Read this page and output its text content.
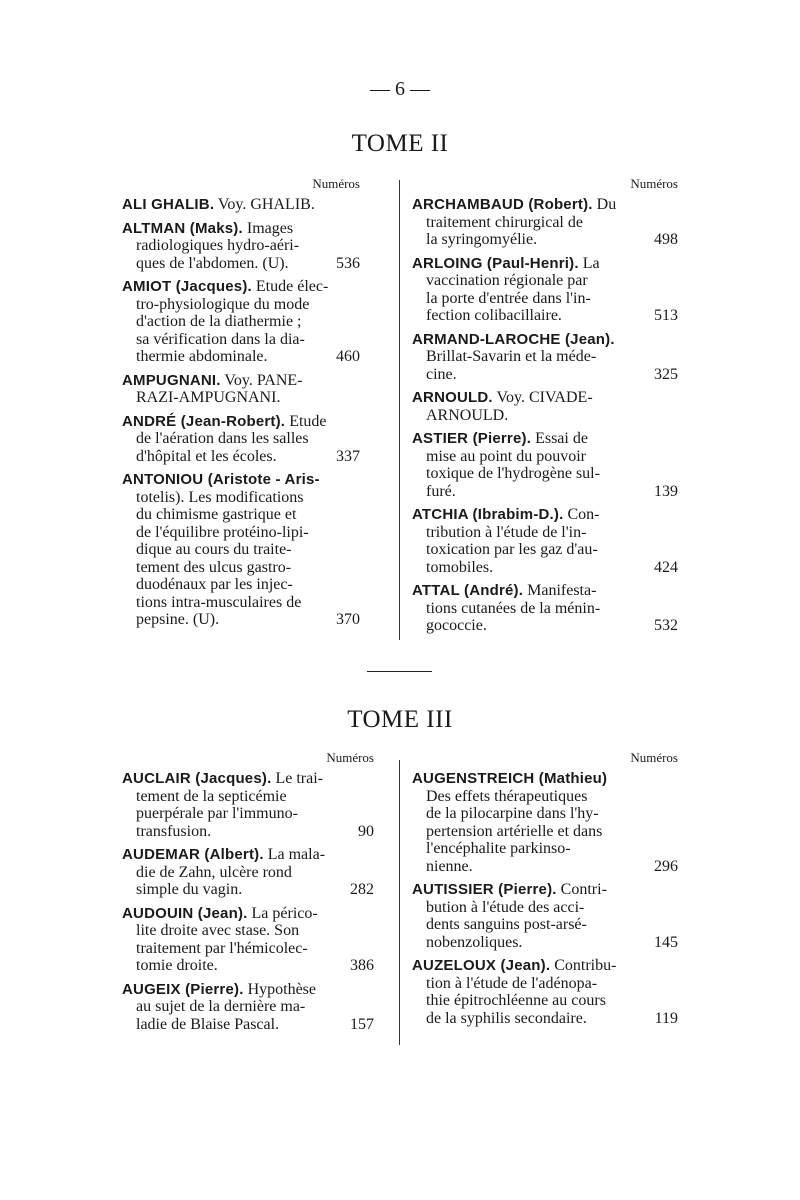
— 6 —
TOME II
Numéros
ALI GHALIB. Voy. GHALIB.
ALTMAN (Maks). Images
radiologiques hydro-aéri-
ques de l'abdomen. (U).	536
AMIOT (Jacques). Etude élec-
tro-physiologique du mode
d'action de la diathermie ;
sa vérification dans la dia-
thermie abdominale.	460
AMPUGNANI. Voy. PANE-
RAZI-AMPUGNANI.
ANDRÉ (Jean-Robert). Etude
de l'aération dans les salles
d'hôpital et les écoles.	337
ANTONIOU (Aristote - Aris-
totelis). Les modifications
du chimisme gastrique et
de l'équilibre protéino-lipi-
dique au cours du traite-
tement des ulcus gastro-
duodénaux par les injec-
tions intra-musculaires de
pepsine. (U).	370
Numéros
ARCHAMBAUD (Robert). Du
traitement chirurgical de
la syringomyélie.	498
ARLOING (Paul-Henri). La
vaccination régionale par
la porte d'entrée dans l'in-
fection colibacillaire.	513
ARMAND-LAROCHE (Jean).
Brillat-Savarin et la méde-
cine.	325
ARNOULD. Voy. CIVADE-
ARNOULD.
ASTIER (Pierre). Essai de
mise au point du pouvoir
toxique de l'hydrogène sul-
furé.	139
ATCHIA (Ibrabim-D.). Con-
tribution à l'étude de l'in-
toxication par les gaz d'au-
tomobiles.	424
ATTAL (André). Manifesta-
tions cutanées de la ménin-
gococcie.	532
TOME III
Numéros
AUCLAIR (Jacques). Le trai-
tement de la septicémie
puerpérale par l'immuno-
transfusion.	90
AUDEMAR (Albert). La mala-
die de Zahn, ulcère rond
simple du vagin.	282
AUDOUIN (Jean). La périco-
lite droite avec stase. Son
traitement par l'hémicolec-
tomie droite.	386
AUGEIX (Pierre). Hypothèse
au sujet de la dernière ma-
ladie de Blaise Pascal.	157
Numéros
AUGENSTREICH (Mathieu)
Des effets thérapeutiques
de la pilocarpine dans l'hy-
pertension artérielle et dans
l'encéphalite parkinso-
nienne.	296
AUTISSIER (Pierre). Contri-
bution à l'étude des acci-
dents sanguins post-arsé-
nobenzoliques.	145
AUZELOUX (Jean). Contribu-
tion à l'étude de l'adénopa-
thie épitrochléenne au cours
de la syphilis secondaire.	119
